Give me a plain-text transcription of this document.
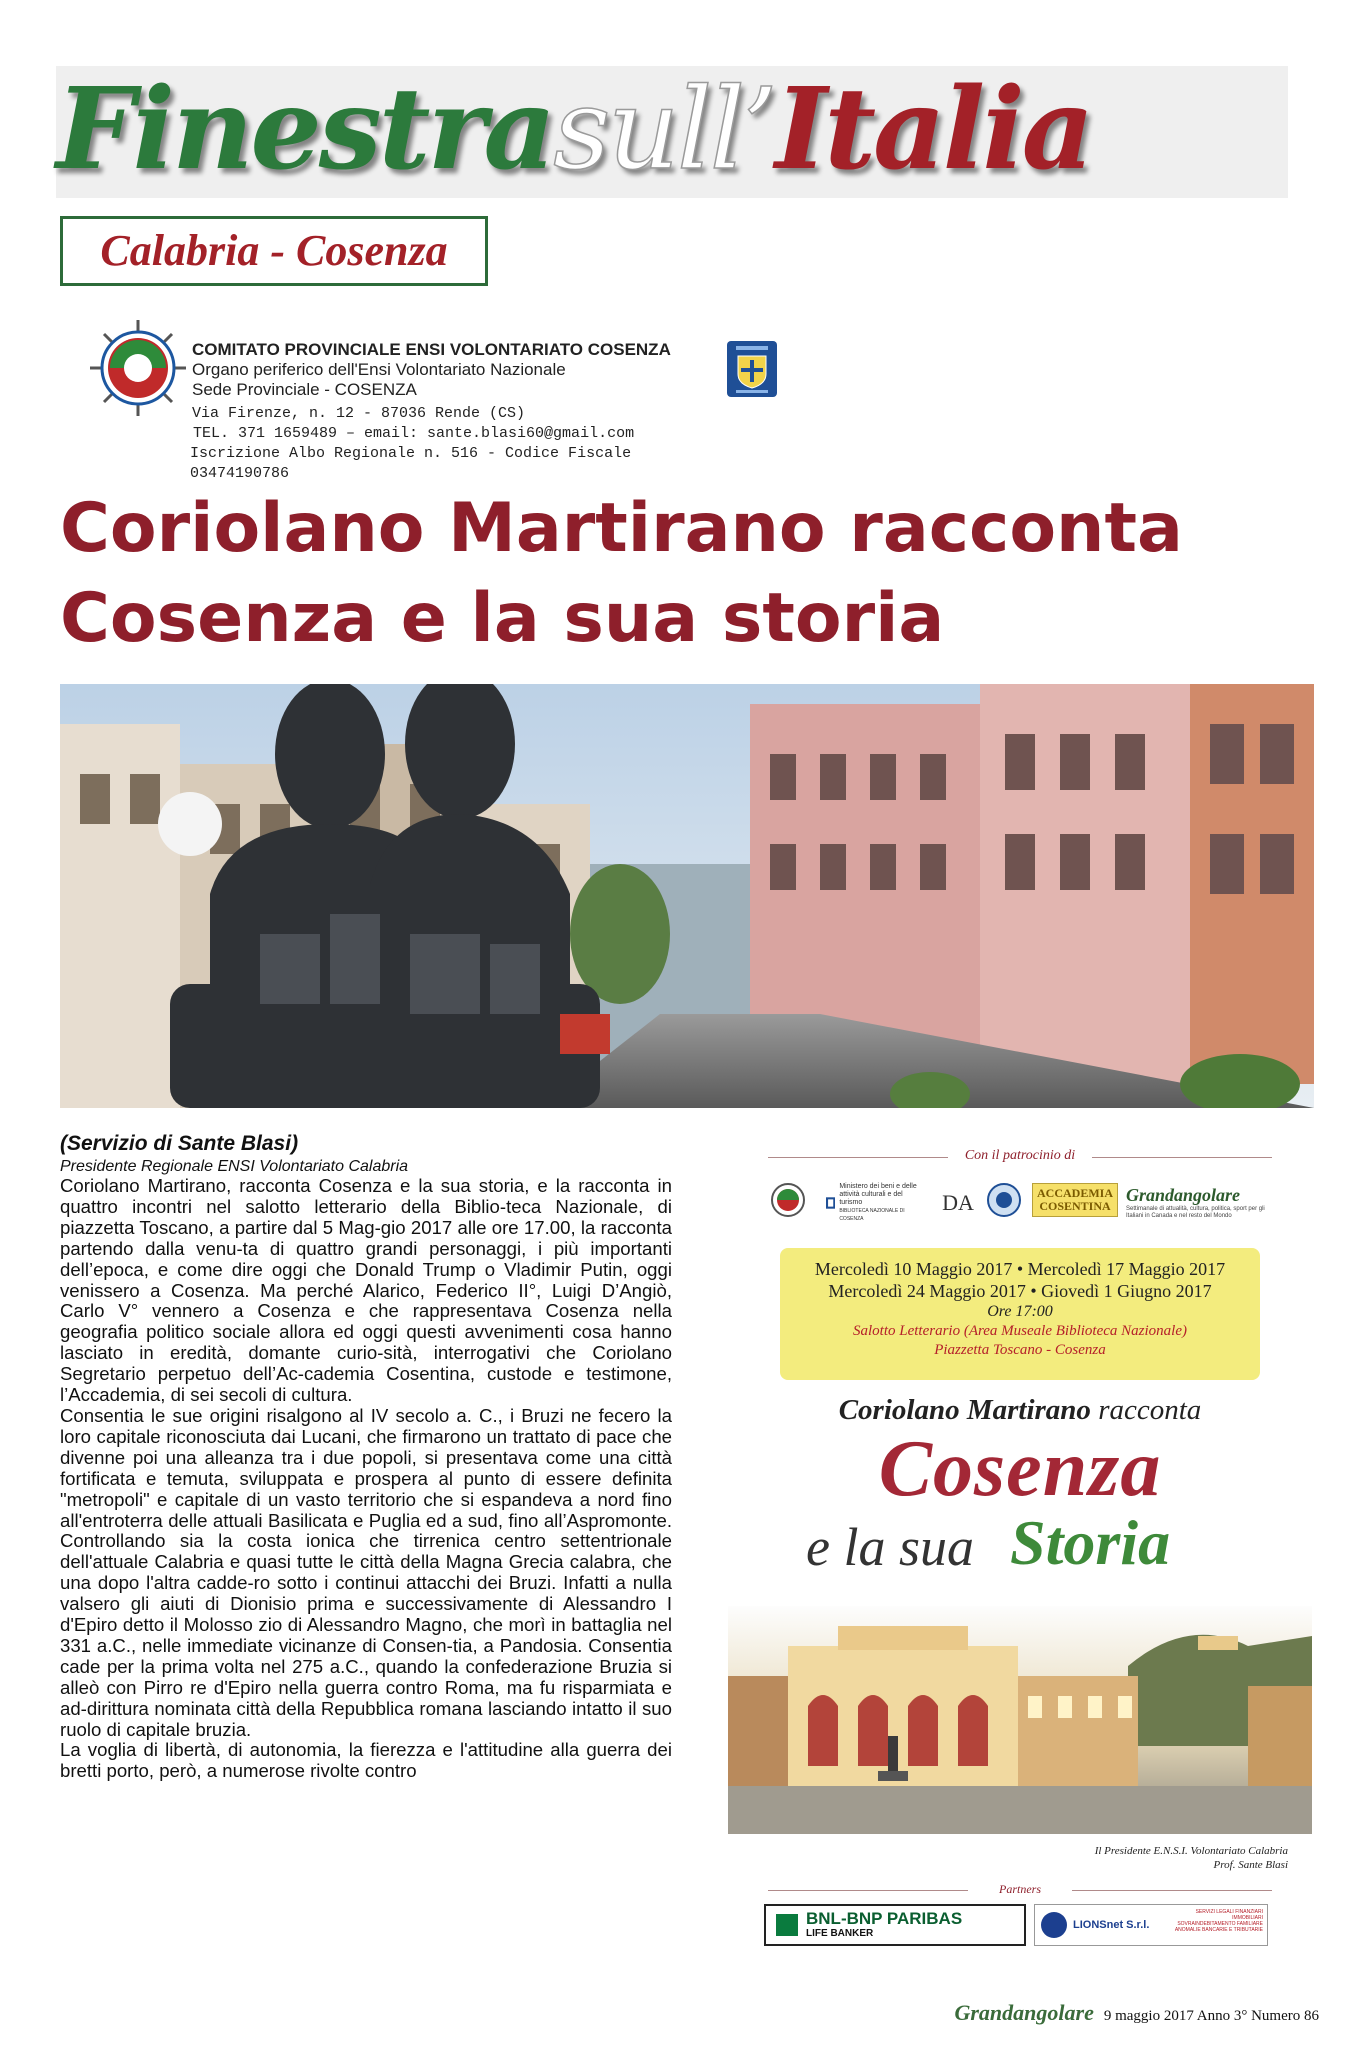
Finestrasull’Italia
Calabria - Cosenza
COMITATO PROVINCIALE ENSI VOLONTARIATO COSENZA
Organo periferico dell'Ensi Volontariato Nazionale
Sede Provinciale - COSENZA
Via Firenze, n. 12 - 87036 Rende (CS)
TEL. 371 1659489 – email: sante.blasi60@gmail.com
Iscrizione Albo Regionale n. 516 - Codice Fiscale 03474190786
Coriolano Martirano racconta
Cosenza e la sua storia
(Servizio di Sante Blasi)
Presidente Regionale ENSI Volontariato Calabria

Coriolano Martirano, racconta Cosenza e la sua storia, e la racconta in quattro incontri nel salotto letterario della Biblio-teca Nazionale, di piazzetta Toscano, a partire dal 5 Mag-gio 2017 alle ore 17.00, la racconta partendo dalla venu-ta di quattro grandi personaggi, i più importanti dell’epoca, e come dire oggi che Donald Trump o Vladimir Putin, oggi venissero a Cosenza. Ma perché Alarico, Federico II°, Luigi D’Angiò, Carlo V° vennero a Cosenza e che rappresentava Cosenza nella geografia politico sociale allora ed oggi questi avvenimenti cosa hanno lasciato in eredità, domante curio-sità, interrogativi che Coriolano Segretario perpetuo dell’Ac-cademia Cosentina, custode e testimone, l’Accademia, di sei secoli di cultura.

Consentia le sue origini risalgono al IV secolo a. C., i Bruzi ne fecero la loro capitale riconosciuta dai Lucani, che firmarono un trattato di pace che divenne poi una alleanza tra i due popoli, si presentava come una città fortificata e temuta, sviluppata e prospera al punto di essere definita "metropoli" e capitale di un vasto territorio che si espandeva a nord fino all'entroterra delle attuali Basilicata e Puglia ed a sud, fino all’Aspromonte. Controllando sia la costa ionica che tirrenica centro settentrionale dell'attuale Calabria e quasi tutte le città della Magna Grecia calabra, che una dopo l'altra cadde-ro sotto i continui attacchi dei Bruzi. Infatti a nulla valsero gli aiuti di Dionisio prima e successivamente di Alessandro I d'Epiro detto il Molosso zio di Alessandro Magno, che morì in battaglia nel 331 a.C., nelle immediate vicinanze di Consen-tia, a Pandosia. Consentia cade per la prima volta nel 275 a.C., quando la confederazione Bruzia si alleò con Pirro re d'Epiro nella guerra contro Roma, ma fu risparmiata e ad-dirittura nominata città della Repubblica romana lasciando intatto il suo ruolo di capitale bruzia.

La voglia di libertà, di autonomia, la fierezza e l'attitudine alla guerra dei bretti porto, però, a numerose rivolte contro

Con il patrocinio di
Ministero dei beni e delle attività culturali e del turismo
BIBLIOTECA NAZIONALE DI COSENZA
DA	ACCADEMIA
COSENTINA
Grandangolare
Settimanale di attualità, cultura, politica, sport per gli Italiani in Canada e nel resto del Mondo
Mercoledì 10 Maggio 2017 • Mercoledì 17 Maggio 2017
Mercoledì 24 Maggio 2017 • Giovedì 1 Giugno 2017
Ore 17:00
Salotto Letterario (Area Museale Biblioteca Nazionale)
Piazzetta Toscano - Cosenza
Coriolano Martirano racconta
Cosenza
e la sua Storia
Il Presidente E.N.S.I. Volontariato Calabria
Prof. Sante Blasi
Partners
BNL-BNP PARIBAS
LIFE BANKER
LIONSnet S.r.l.
SERVIZI LEGALI FINANZIARI IMMOBILIARI SOVRAINDEBITAMENTO FAMILIARE ANOMALIE BANCARIE E TRIBUTARIE
Grandangolare 9 maggio 2017 Anno 3° Numero 86
